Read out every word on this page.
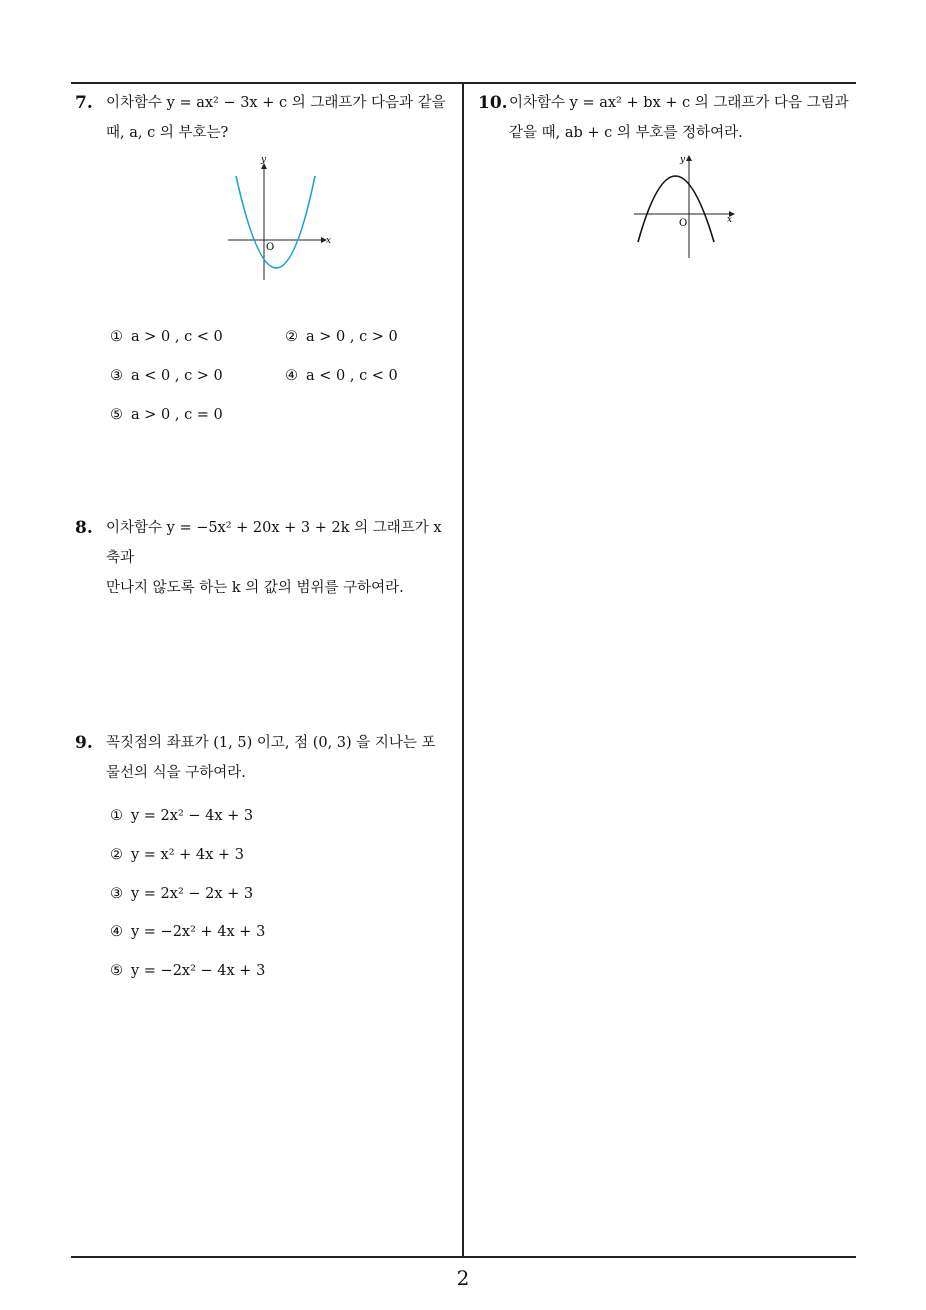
7. 이차함수 y = ax² − 3x + c 의 그래프가 다음과 같을
때, a, c 의 부호는?
y
x
O
① a > 0 , c < 0	② a > 0 , c > 0
③ a < 0 , c > 0	④ a < 0 , c < 0
⑤ a > 0 , c = 0
8. 이차함수 y = −5x² + 20x + 3 + 2k 의 그래프가 x 축과
만나지 않도록 하는 k 의 값의 범위를 구하여라.
9. 꼭짓점의 좌표가 (1, 5) 이고, 점 (0, 3) 을 지나는 포
물선의 식을 구하여라.
① y = 2x² − 4x + 3
② y = x² + 4x + 3
③ y = 2x² − 2x + 3
④ y = −2x² + 4x + 3
⑤ y = −2x² − 4x + 3
10. 이차함수 y = ax² + bx + c 의 그래프가 다음 그림과
같을 때, ab + c 의 부호를 정하여라.
y
x
O
2
